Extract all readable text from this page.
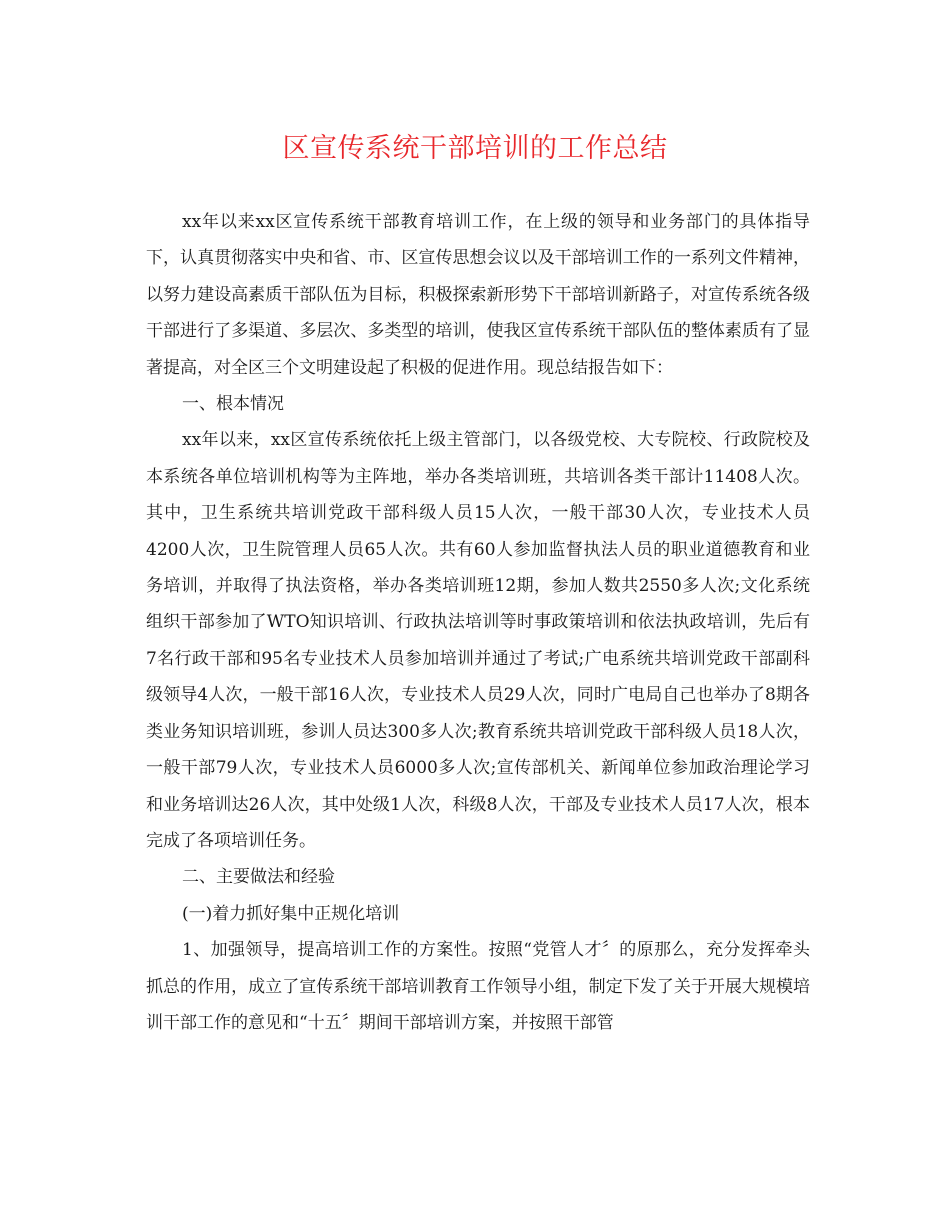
区宣传系统干部培训的工作总结

xx年以来xx区宣传系统干部教育培训工作，在上级的领导和业务部门的具体指导下，认真贯彻落实中央和省、市、区宣传思想会议以及干部培训工作的一系列文件精神，以努力建设高素质干部队伍为目标，积极探索新形势下干部培训新路子，对宣传系统各级干部进行了多渠道、多层次、多类型的培训，使我区宣传系统干部队伍的整体素质有了显著提高，对全区三个文明建设起了积极的促进作用。现总结报告如下：

一、根本情况

xx年以来，xx区宣传系统依托上级主管部门，以各级党校、大专院校、行政院校及本系统各单位培训机构等为主阵地，举办各类培训班，共培训各类干部计11408人次。其中，卫生系统共培训党政干部科级人员15人次，一般干部30人次，专业技术人员4200人次，卫生院管理人员65人次。共有60人参加监督执法人员的职业道德教育和业务培训，并取得了执法资格，举办各类培训班12期，参加人数共2550多人次;文化系统组织干部参加了WTO知识培训、行政执法培训等时事政策培训和依法执政培训，先后有7名行政干部和95名专业技术人员参加培训并通过了考试;广电系统共培训党政干部副科级领导4人次，一般干部16人次，专业技术人员29人次，同时广电局自己也举办了8期各类业务知识培训班，参训人员达300多人次;教育系统共培训党政干部科级人员18人次，一般干部79人次，专业技术人员6000多人次;宣传部机关、新闻单位参加政治理论学习和业务培训达26人次，其中处级1人次，科级8人次，干部及专业技术人员17人次，根本完成了各项培训任务。

二、主要做法和经验

(一)着力抓好集中正规化培训

1、加强领导，提高培训工作的方案性。按照“党管人才〞的原那么，充分发挥牵头抓总的作用，成立了宣传系统干部培训教育工作领导小组，制定下发了关于开展大规模培训干部工作的意见和“十五〞期间干部培训方案，并按照干部管
